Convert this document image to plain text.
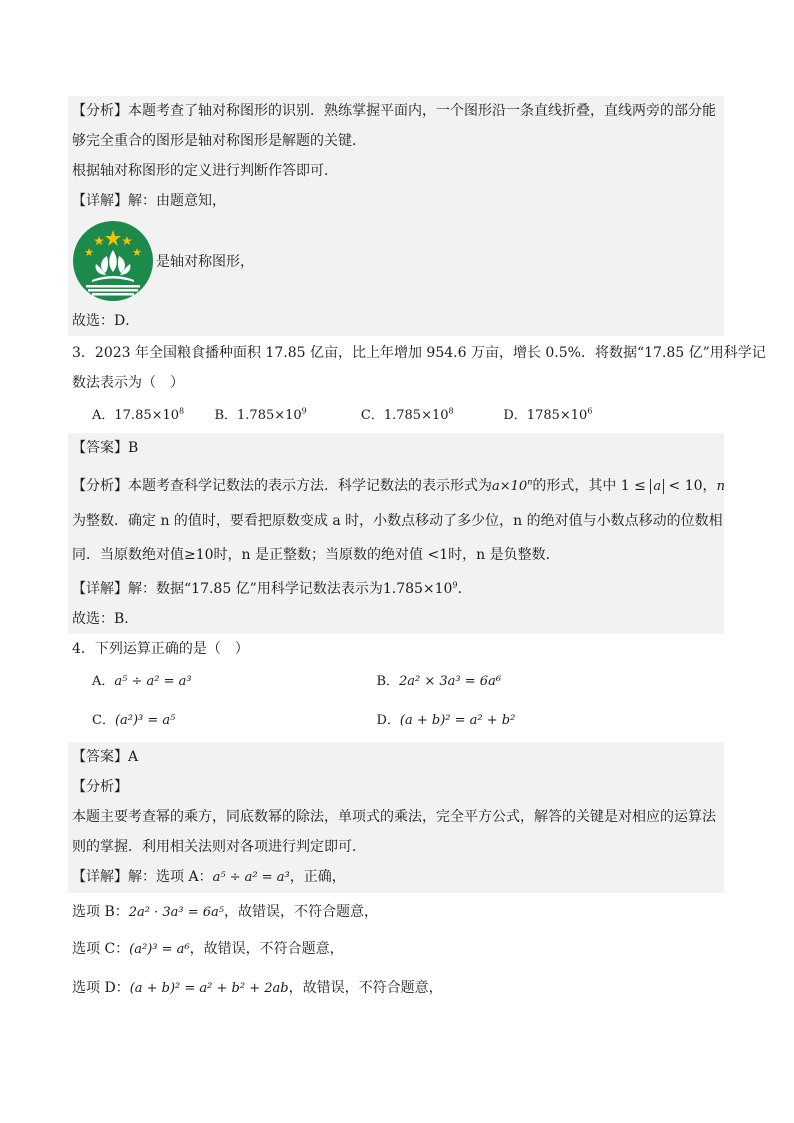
【分析】本题考查了轴对称图形的识别．熟练掌握平面内，一个图形沿一条直线折叠，直线两旁的部分能
够完全重合的图形是轴对称图形是解题的关键．
根据轴对称图形的定义进行判断作答即可．
【详解】解：由题意知，
是轴对称图形，
故选：D．
3．2023 年全国粮食播种面积 17.85 亿亩，比上年增加 954.6 万亩，增长 0.5%．将数据“17.85 亿”用科学记
数法表示为（　）
A．$17.85\times 10^8$ B．$1.785\times 10^9$	C．$1.785\times 10^8$	D．$1785\times 10^6$
【答案】B
【分析】本题考查科学记数法的表示方法．科学记数法的表示形式为$a\times 10^n$的形式，其中 1 ≤ a < 10，n
为整数．确定 n 的值时，要看把原数变成 a 时，小数点移动了多少位，n 的绝对值与小数点移动的位数相
同．当原数绝对值≥10时，n 是正整数；当原数的绝对值 <1时，n 是负整数．
【详解】解：数据“17.85 亿”用科学记数法表示为$1.785\times 10^9$．
故选：B．
4．下列运算正确的是（　）
A．a⁵ ÷ a² = a³	B．2a² × 3a³ = 6a⁶
C．(a²)³ = a⁵	D．(a + b)² = a² + b²
【答案】A
【分析】
本题主要考查幂的乘方，同底数幂的除法，单项式的乘法，完全平方公式，解答的关键是对相应的运算法
则的掌握．利用相关法则对各项进行判定即可．
【详解】解：选项 A：a⁵ ÷ a² = a³，正确，
选项 B：2a² · 3a³ = 6a⁵，故错误，不符合题意，
选项 C：(a²)³ = a⁶，故错误，不符合题意，
选项 D：(a + b)² = a² + b² + 2ab，故错误，不符合题意，
